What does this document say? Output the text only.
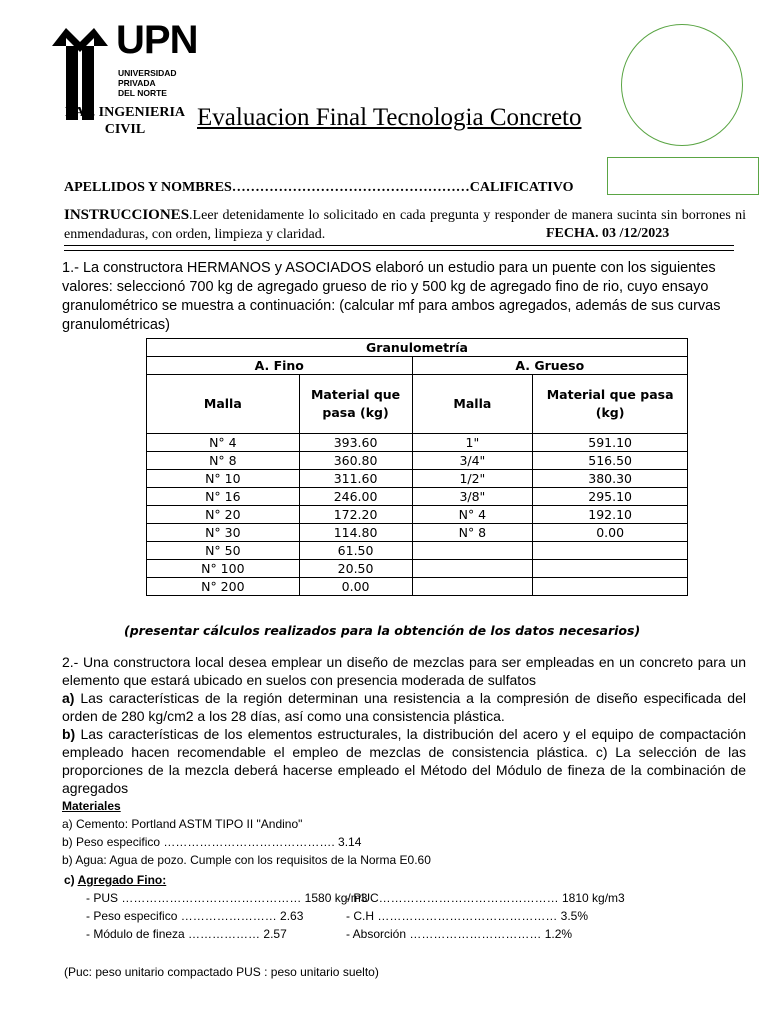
UPN
UNIVERSIDAD
PRIVADA
DEL NORTE
EAP. INGENIERIA
CIVIL	Evaluacion Final Tecnologia Concreto
APELLIDOS Y NOMBRES……………………………………………CALIFICATIVO
INSTRUCCIONES.Leer detenidamente lo solicitado en cada pregunta y responder de manera sucinta sin borrones ni enmendaduras, con orden, limpieza y claridad.	FECHA. 03 /12/2023
1.- La constructora HERMANOS y ASOCIADOS elaboró un estudio para un puente con los siguientes valores: seleccionó 700 kg de agregado grueso de rio y 500 kg de agregado fino de rio, cuyo ensayo granulométrico se muestra a continuación: (calcular mf para ambos agregados, además de sus curvas granulométricas)
Granulometría			
A. Fino		A. Grueso	
Malla	Material que pasa (kg)	Malla	Material que pasa (kg)
N° 4	393.60	1"	591.10
N° 8	360.80	3/4"	516.50
N° 10	311.60	1/2"	380.30
N° 16	246.00	3/8"	295.10
N° 20	172.20	N° 4	192.10
N° 30	114.80	N° 8	0.00
N° 50	61.50		
N° 100	20.50		
N° 200	0.00		
(presentar cálculos realizados para la obtención de los datos necesarios)

2.- Una constructora local desea emplear un diseño de mezclas para ser empleadas en un concreto para un elemento que estará ubicado en suelos con presencia moderada de sulfatos

a) Las características de la región determinan una resistencia a la compresión de diseño especificada del orden de 280 kg/cm2 a los 28 días, así como una consistencia plástica.

b) Las características de los elementos estructurales, la distribución del acero y el equipo de compactación empleado hacen recomendable el empleo de mezclas de consistencia plástica. c) La selección de las proporciones de la mezcla deberá hacerse empleado el Método del Módulo de fineza de la combinación de agregados

Materiales
a) Cemento: Portland ASTM TIPO II "Andino"
b) Peso especifico ……………………………………. 3.14
b) Agua: Agua de pozo. Cumple con los requisitos de la Norma E0.60
c) Agregado Fino:
- PUS ……………………………………… 1580 kg/m3
- Peso especifico …………………… 2.63
- Módulo de fineza ……………… 2.57
- PUC……………………………………… 1810 kg/m3
- C.H ……………………………………… 3.5%
- Absorción …………………………… 1.2%
(Puc: peso unitario compactado PUS : peso unitario suelto)
